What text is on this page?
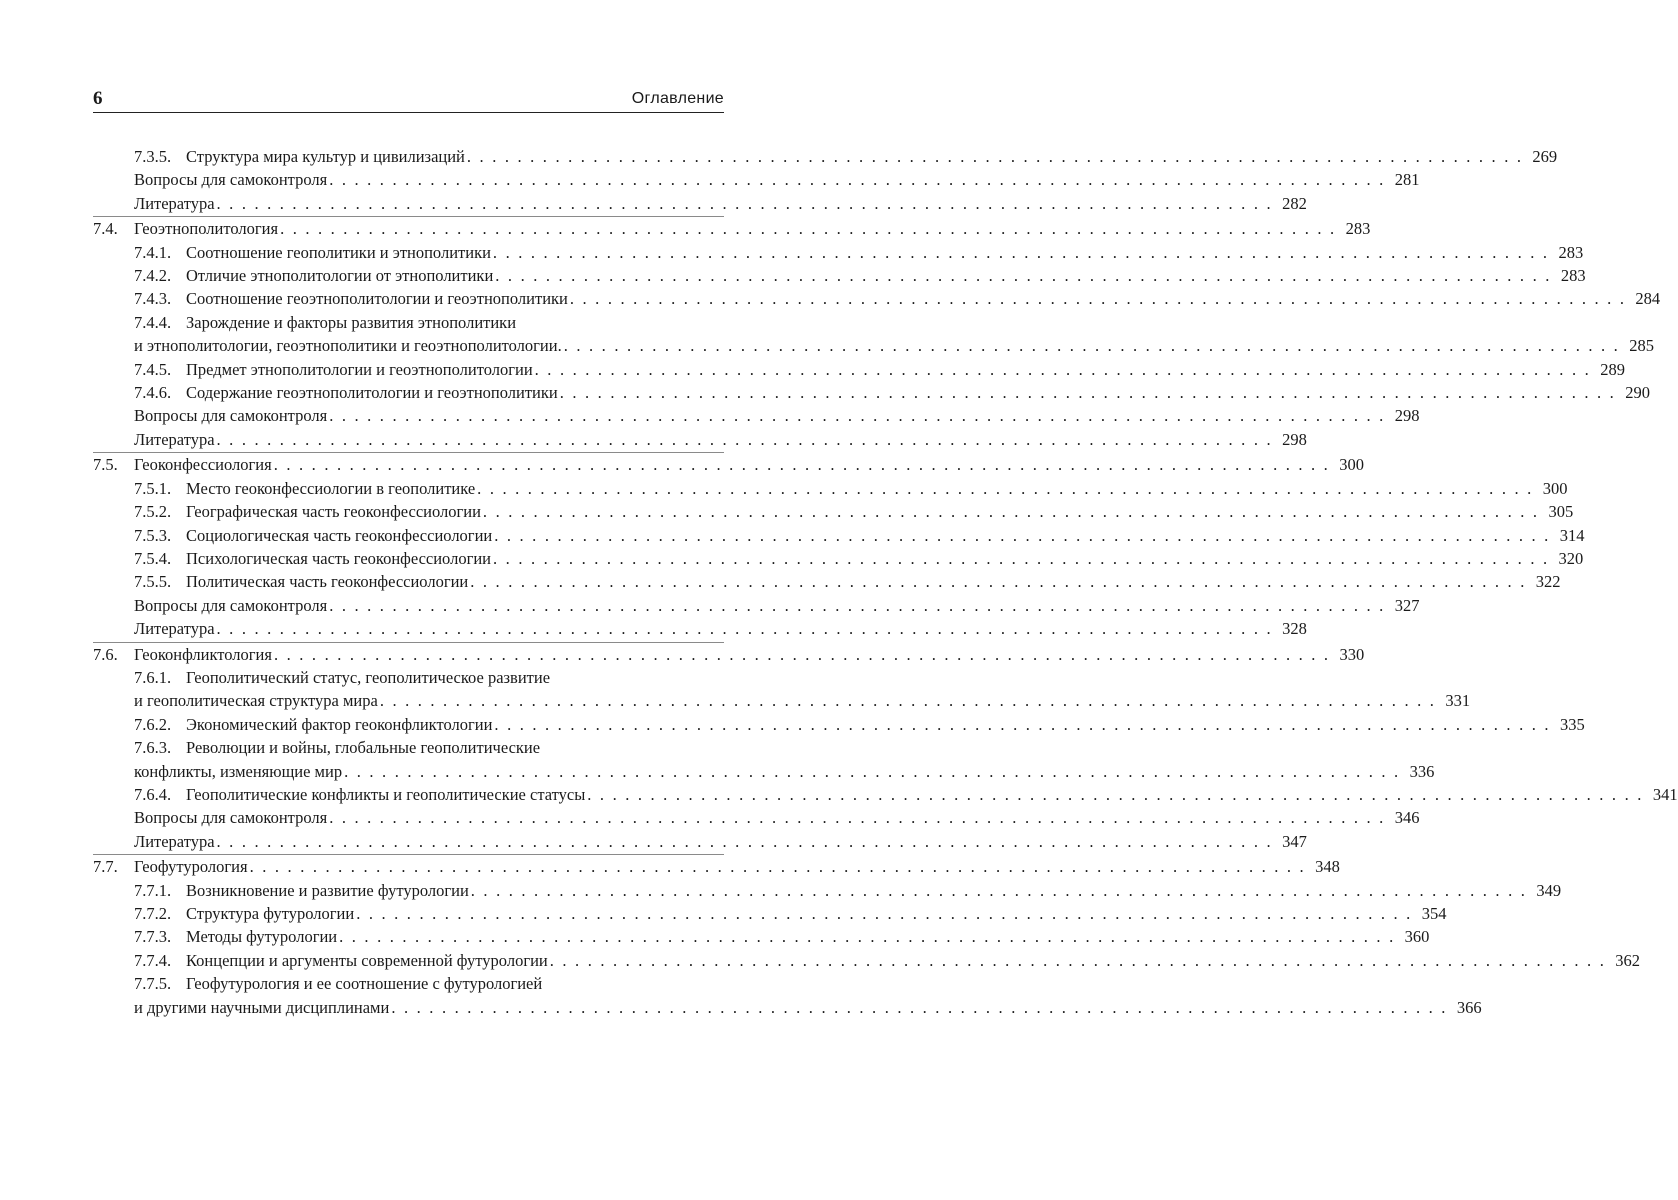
6	Оглавление
7.3.5. Структура мира культур и цивилизаций . . . . . . . . . . . . . . . . . . . . . . . . . . . . . . . . . . . . . . . . . . . . . . . . . . . . . . . . . . . . . . . . . . . . . . . . . . . . . . . . . . . . 269
Вопросы для самоконтроля . . . . . . . . . . . . . . . . . . . . . . . . . . . . . . . . . . . . . . . . . . . . . . . . . . . . . . . . . . . . . . . . . . . . . . . . . . . . . . . . . . . . 281
Литература . . . . . . . . . . . . . . . . . . . . . . . . . . . . . . . . . . . . . . . . . . . . . . . . . . . . . . . . . . . . . . . . . . . . . . . . . . . . . . . . . . . . 282
7.4. Геоэтнополитология . . . . . . . . . . . . . . . . . . . . . . . . . . . . . . . . . . . . . . . . . . . . . . . . . . . . . . . . . . . . . . . . . . . . . . . . . . . . . . . . . . . . 283
7.4.1. Соотношение геополитики и этнополитики . . . . . . . . . . . . . . . . . . . . . . . . . . . . . . . . . . . . . . . . . . . . . . . . . . . . . . . . . . . . . . . . . . . . . . . . . . . . . . . . . . . . 283
7.4.2. Отличие этнополитологии от этнополитики . . . . . . . . . . . . . . . . . . . . . . . . . . . . . . . . . . . . . . . . . . . . . . . . . . . . . . . . . . . . . . . . . . . . . . . . . . . . . . . . . . . . 283
7.4.3. Соотношение геоэтнополитологии и геоэтнополитики . . . . . . . . . . . . . . . . . . . . . . . . . . . . . . . . . . . . . . . . . . . . . . . . . . . . . . . . . . . . . . . . . . . . . . . . . . . . . . . . . . . . 284
7.4.4. Зарождение и факторы развития этнополитики
и этнополитологии, геоэтнополитики и геоэтнополитологии. . . . . . . . . . . . . . . . . . . . . . . . . . . . . . . . . . . . . . . . . . . . . . . . . . . . . . . . . . . . . . . . . . . . . . . . . . . . . . . . . . . . . 285
7.4.5. Предмет этнополитологии и геоэтнополитологии . . . . . . . . . . . . . . . . . . . . . . . . . . . . . . . . . . . . . . . . . . . . . . . . . . . . . . . . . . . . . . . . . . . . . . . . . . . . . . . . . . . . 289
7.4.6. Содержание геоэтнополитологии и геоэтнополитики . . . . . . . . . . . . . . . . . . . . . . . . . . . . . . . . . . . . . . . . . . . . . . . . . . . . . . . . . . . . . . . . . . . . . . . . . . . . . . . . . . . . 290
Вопросы для самоконтроля . . . . . . . . . . . . . . . . . . . . . . . . . . . . . . . . . . . . . . . . . . . . . . . . . . . . . . . . . . . . . . . . . . . . . . . . . . . . . . . . . . . . 298
Литература . . . . . . . . . . . . . . . . . . . . . . . . . . . . . . . . . . . . . . . . . . . . . . . . . . . . . . . . . . . . . . . . . . . . . . . . . . . . . . . . . . . . 298
7.5. Геоконфессиология . . . . . . . . . . . . . . . . . . . . . . . . . . . . . . . . . . . . . . . . . . . . . . . . . . . . . . . . . . . . . . . . . . . . . . . . . . . . . . . . . . . . 300
7.5.1. Место геоконфессиологии в геополитике . . . . . . . . . . . . . . . . . . . . . . . . . . . . . . . . . . . . . . . . . . . . . . . . . . . . . . . . . . . . . . . . . . . . . . . . . . . . . . . . . . . . 300
7.5.2. Географическая часть геоконфессиологии . . . . . . . . . . . . . . . . . . . . . . . . . . . . . . . . . . . . . . . . . . . . . . . . . . . . . . . . . . . . . . . . . . . . . . . . . . . . . . . . . . . . 305
7.5.3. Социологическая часть геоконфессиологии . . . . . . . . . . . . . . . . . . . . . . . . . . . . . . . . . . . . . . . . . . . . . . . . . . . . . . . . . . . . . . . . . . . . . . . . . . . . . . . . . . . . 314
7.5.4. Психологическая часть геоконфессиологии . . . . . . . . . . . . . . . . . . . . . . . . . . . . . . . . . . . . . . . . . . . . . . . . . . . . . . . . . . . . . . . . . . . . . . . . . . . . . . . . . . . . 320
7.5.5. Политическая часть геоконфессиологии . . . . . . . . . . . . . . . . . . . . . . . . . . . . . . . . . . . . . . . . . . . . . . . . . . . . . . . . . . . . . . . . . . . . . . . . . . . . . . . . . . . . 322
Вопросы для самоконтроля . . . . . . . . . . . . . . . . . . . . . . . . . . . . . . . . . . . . . . . . . . . . . . . . . . . . . . . . . . . . . . . . . . . . . . . . . . . . . . . . . . . . 327
Литература . . . . . . . . . . . . . . . . . . . . . . . . . . . . . . . . . . . . . . . . . . . . . . . . . . . . . . . . . . . . . . . . . . . . . . . . . . . . . . . . . . . . 328
7.6. Геоконфликтология . . . . . . . . . . . . . . . . . . . . . . . . . . . . . . . . . . . . . . . . . . . . . . . . . . . . . . . . . . . . . . . . . . . . . . . . . . . . . . . . . . . . 330
7.6.1. Геополитический статус, геополитическое развитие
и геополитическая структура мира . . . . . . . . . . . . . . . . . . . . . . . . . . . . . . . . . . . . . . . . . . . . . . . . . . . . . . . . . . . . . . . . . . . . . . . . . . . . . . . . . . . . 331
7.6.2. Экономический фактор геоконфликтологии . . . . . . . . . . . . . . . . . . . . . . . . . . . . . . . . . . . . . . . . . . . . . . . . . . . . . . . . . . . . . . . . . . . . . . . . . . . . . . . . . . . . 335
7.6.3. Революции и войны, глобальные геополитические
конфликты, изменяющие мир . . . . . . . . . . . . . . . . . . . . . . . . . . . . . . . . . . . . . . . . . . . . . . . . . . . . . . . . . . . . . . . . . . . . . . . . . . . . . . . . . . . . 336
7.6.4. Геополитические конфликты и геополитические статусы . . . . . . . . . . . . . . . . . . . . . . . . . . . . . . . . . . . . . . . . . . . . . . . . . . . . . . . . . . . . . . . . . . . . . . . . . . . . . . . . . . . . 341
Вопросы для самоконтроля . . . . . . . . . . . . . . . . . . . . . . . . . . . . . . . . . . . . . . . . . . . . . . . . . . . . . . . . . . . . . . . . . . . . . . . . . . . . . . . . . . . . 346
Литература . . . . . . . . . . . . . . . . . . . . . . . . . . . . . . . . . . . . . . . . . . . . . . . . . . . . . . . . . . . . . . . . . . . . . . . . . . . . . . . . . . . . 347
7.7. Геофутурология . . . . . . . . . . . . . . . . . . . . . . . . . . . . . . . . . . . . . . . . . . . . . . . . . . . . . . . . . . . . . . . . . . . . . . . . . . . . . . . . . . . . 348
7.7.1. Возникновение и развитие футурологии . . . . . . . . . . . . . . . . . . . . . . . . . . . . . . . . . . . . . . . . . . . . . . . . . . . . . . . . . . . . . . . . . . . . . . . . . . . . . . . . . . . . 349
7.7.2. Структура футурологии . . . . . . . . . . . . . . . . . . . . . . . . . . . . . . . . . . . . . . . . . . . . . . . . . . . . . . . . . . . . . . . . . . . . . . . . . . . . . . . . . . . . 354
7.7.3. Методы футурологии . . . . . . . . . . . . . . . . . . . . . . . . . . . . . . . . . . . . . . . . . . . . . . . . . . . . . . . . . . . . . . . . . . . . . . . . . . . . . . . . . . . . 360
7.7.4. Концепции и аргументы современной футурологии . . . . . . . . . . . . . . . . . . . . . . . . . . . . . . . . . . . . . . . . . . . . . . . . . . . . . . . . . . . . . . . . . . . . . . . . . . . . . . . . . . . . 362
7.7.5. Геофутурология и ее соотношение с футурологией
и другими научными дисциплинами . . . . . . . . . . . . . . . . . . . . . . . . . . . . . . . . . . . . . . . . . . . . . . . . . . . . . . . . . . . . . . . . . . . . . . . . . . . . . . . . . . . . 366
